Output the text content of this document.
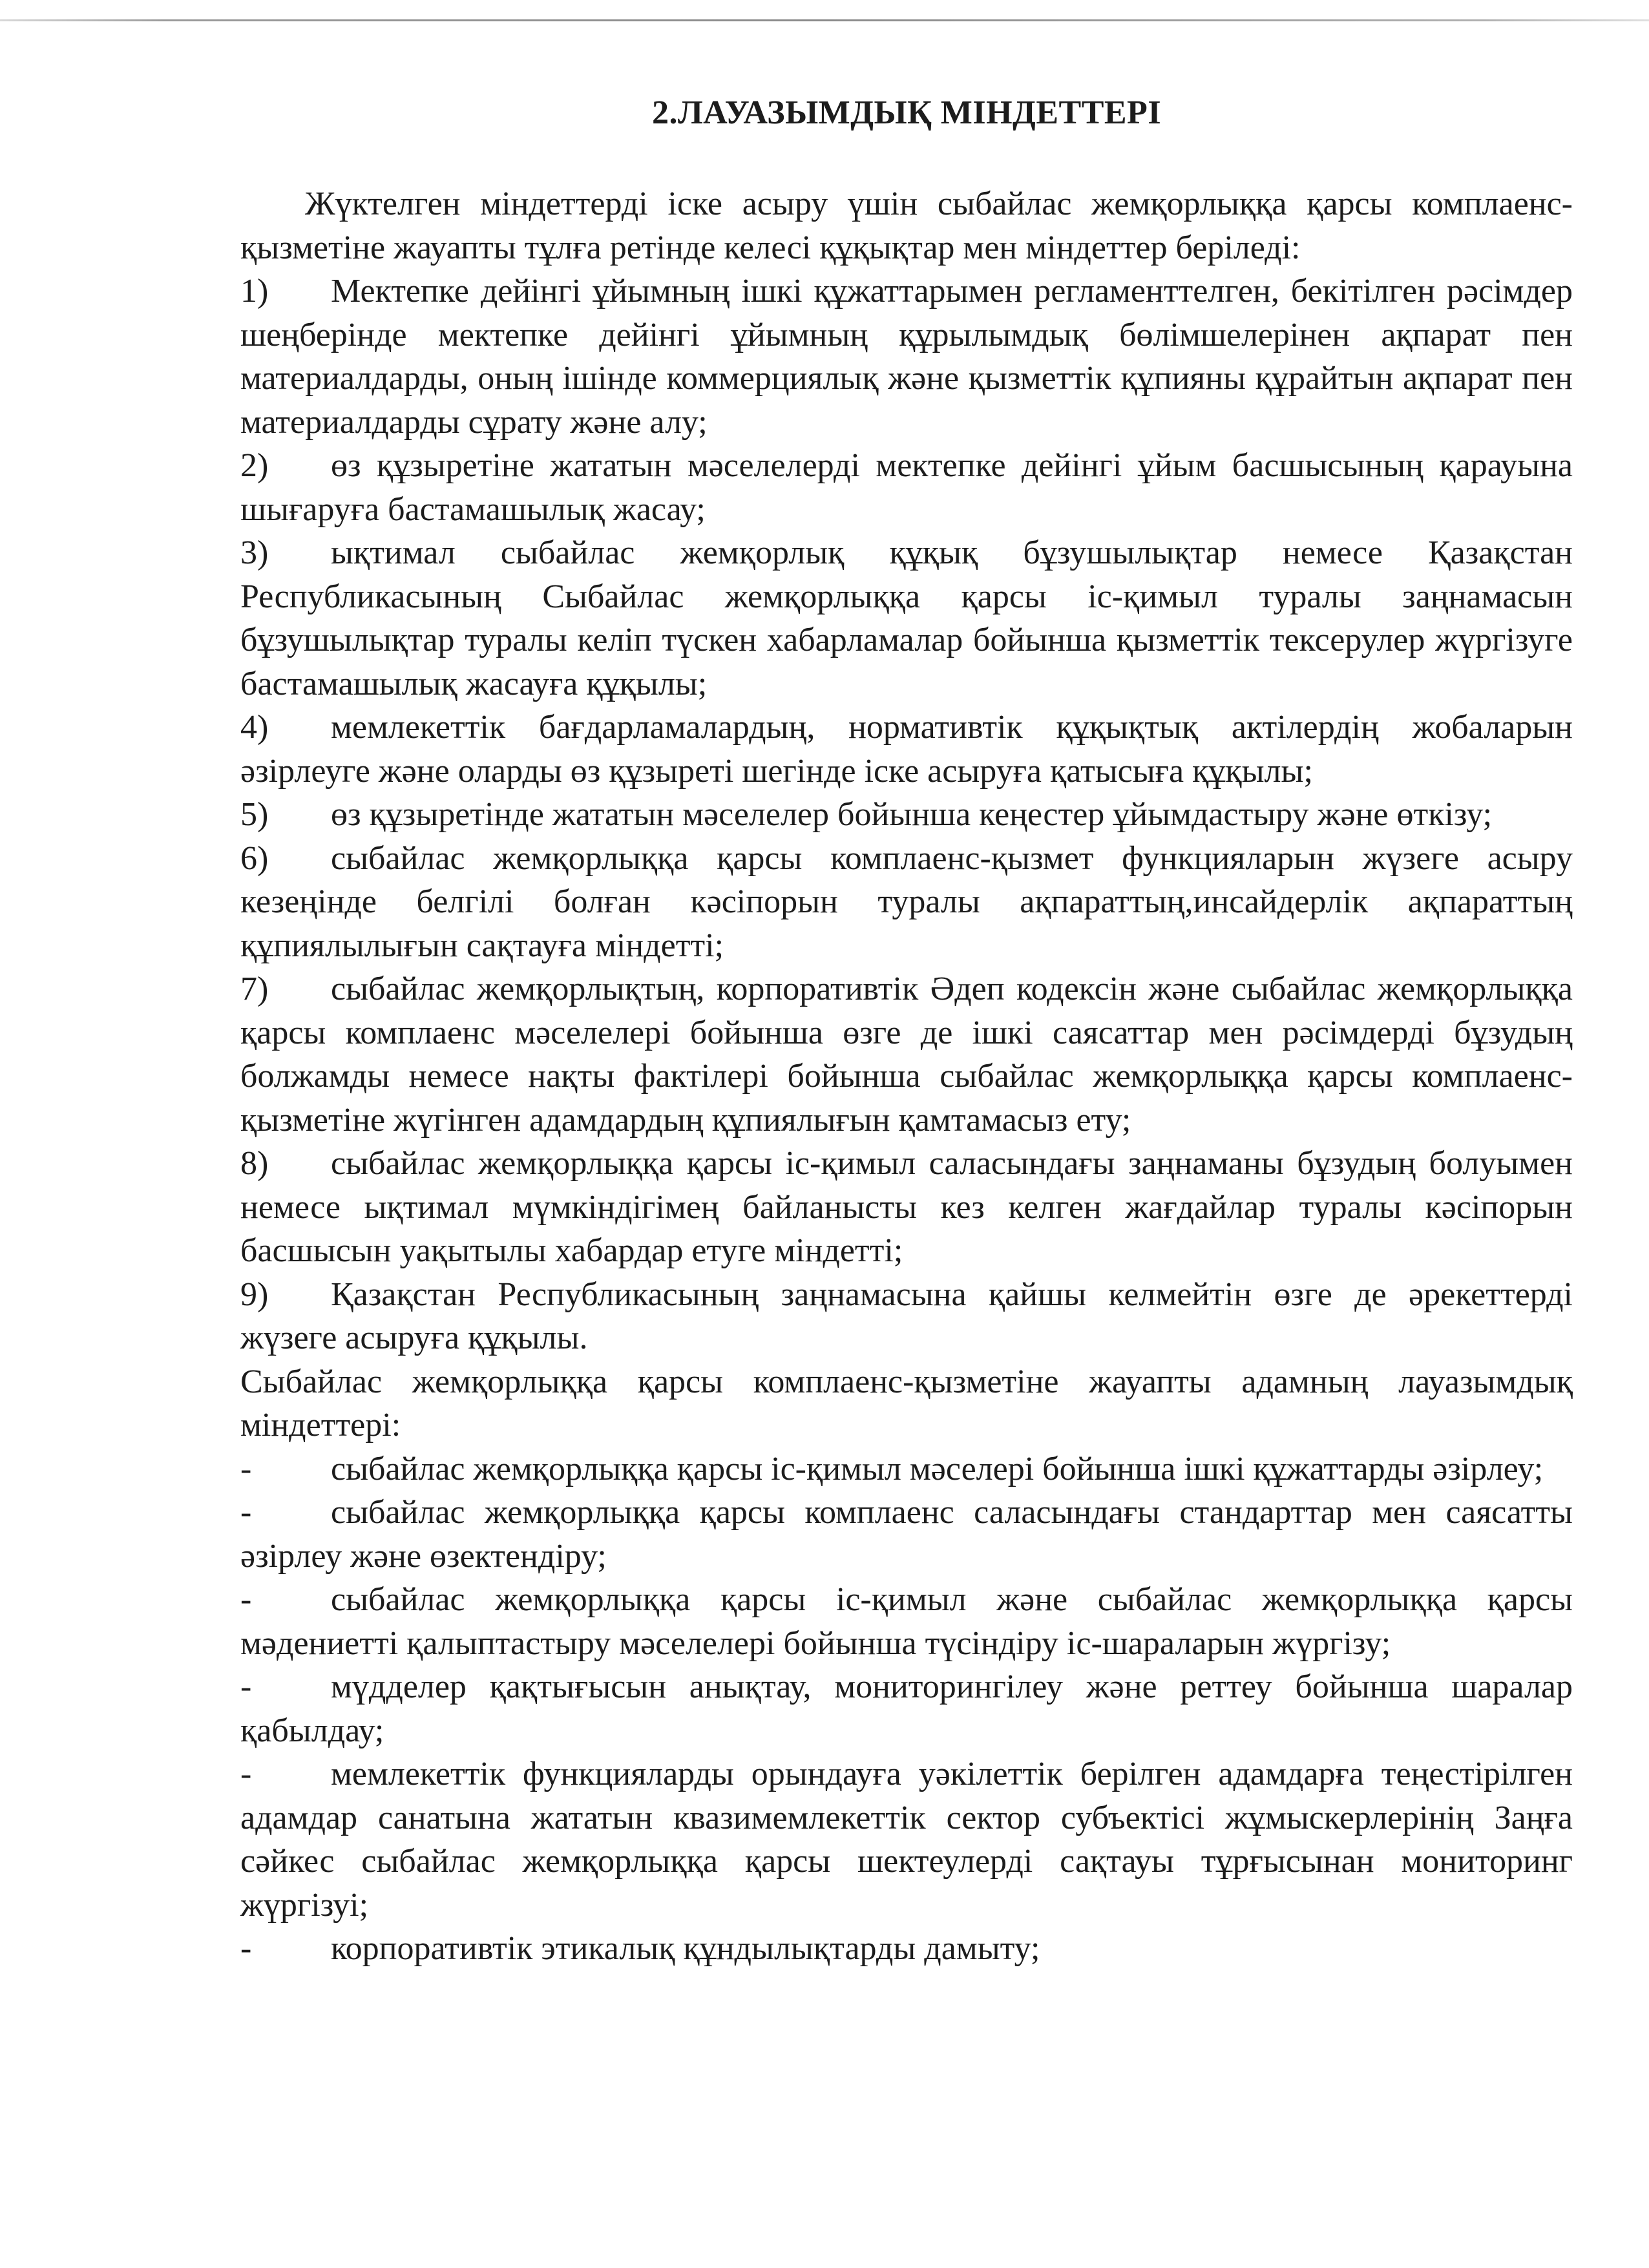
2.ЛАУАЗЫМДЫҚ МІНДЕТТЕРІ

Жүктелген міндеттерді іске асыру үшін сыбайлас жемқорлыққа қарсы комплаенс-қызметіне жауапты тұлға ретінде келесі құқықтар мен міндеттер беріледі:

1) Мектепке дейінгі ұйымның ішкі құжаттарымен регламенттелген, бекітілген рәсімдер шеңберінде мектепке дейінгі ұйымның құрылымдық бөлімшелерінен ақпарат пен материалдарды, оның ішінде коммерциялық және қызметтік құпияны құрайтын ақпарат пен материалдарды сұрату және алу;

2) өз құзыретіне жататын мәселелерді мектепке дейінгі ұйым басшысының қарауына шығаруға бастамашылық жасау;

3) ықтимал сыбайлас жемқорлық құқық бұзушылықтар немесе Қазақстан Республикасының Сыбайлас жемқорлыққа қарсы іс-қимыл туралы заңнамасын бұзушылықтар туралы келіп түскен хабарламалар бойынша қызметтік тексерулер жүргізуге бастамашылық жасауға құқылы;

4) мемлекеттік бағдарламалардың, нормативтік құқықтық актілердің жобаларын әзірлеуге және оларды өз құзыреті шегінде іске асыруға қатысыға құқылы;

5) өз құзыретінде жататын мәселелер бойынша кеңестер ұйымдастыру және өткізу;

6) сыбайлас жемқорлыққа қарсы комплаенс-қызмет функцияларын жүзеге асыру кезеңінде белгілі болған кәсіпорын туралы ақпараттың,инсайдерлік ақпараттың құпиялылығын сақтауға міндетті;

7) сыбайлас жемқорлықтың, корпоративтік Әдеп кодексін және сыбайлас жемқорлыққа қарсы комплаенс мәселелері бойынша өзге де ішкі саясаттар мен рәсімдерді бұзудың болжамды немесе нақты фактілері бойынша сыбайлас жемқорлыққа қарсы комплаенс-қызметіне жүгінген адамдардың құпиялығын қамтамасыз ету;

8) сыбайлас жемқорлыққа қарсы іс-қимыл саласындағы заңнаманы бұзудың болуымен немесе ықтимал мүмкіндігімең байланысты кез келген жағдайлар туралы кәсіпорын басшысын уақытылы хабардар етуге міндетті;

9) Қазақстан Республикасының заңнамасына қайшы келмейтін өзге де әрекеттерді жүзеге асыруға құқылы.

Сыбайлас жемқорлыққа қарсы комплаенс-қызметіне жауапты адамның лауазымдық міндеттері:

- сыбайлас жемқорлыққа қарсы іс-қимыл мәселері бойынша ішкі құжаттарды әзірлеу;

- сыбайлас жемқорлыққа қарсы комплаенс саласындағы стандарттар мен саясатты әзірлеу және өзектендіру;

- сыбайлас жемқорлыққа қарсы іс-қимыл және сыбайлас жемқорлыққа қарсы мәдениетті қалыптастыру мәселелері бойынша түсіндіру іс-шараларын жүргізу;

- мүдделер қақтығысын анықтау, мониторингілеу және реттеу бойынша шаралар қабылдау;

- мемлекеттік функцияларды орындауға уәкілеттік берілген адамдарға теңестірілген адамдар санатына жататын квазимемлекеттік сектор субъектісі жұмыскерлерінің Заңға сәйкес сыбайлас жемқорлыққа қарсы шектеулерді сақтауы тұрғысынан мониторинг жүргізуі;

- корпоративтік этикалық құндылықтарды дамыту;
